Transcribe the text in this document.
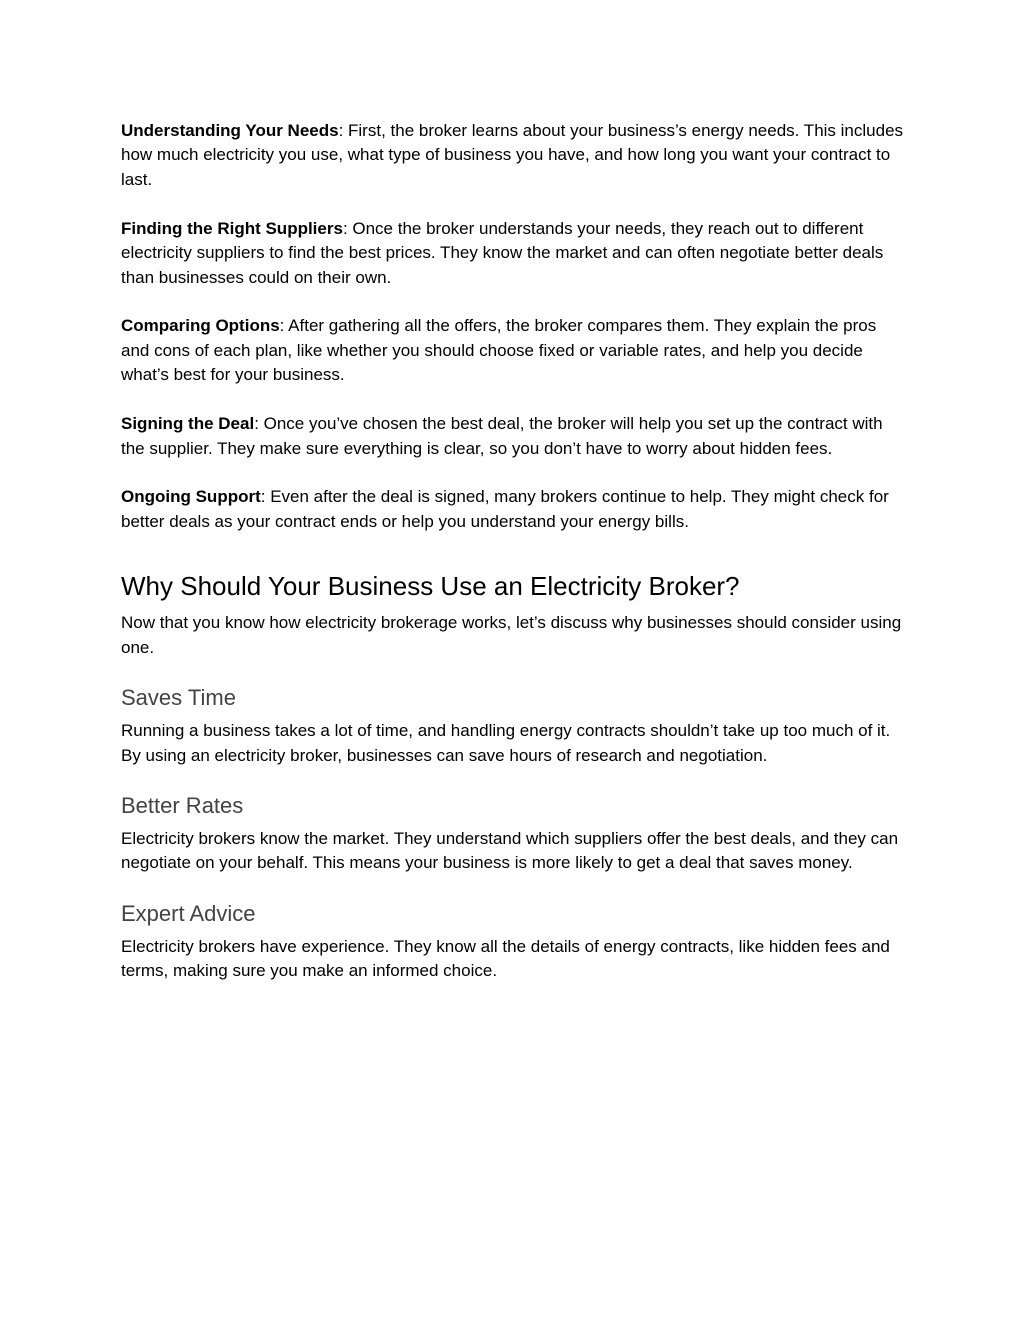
Understanding Your Needs: First, the broker learns about your business’s energy needs. This includes how much electricity you use, what type of business you have, and how long you want your contract to last.

Finding the Right Suppliers: Once the broker understands your needs, they reach out to different electricity suppliers to find the best prices. They know the market and can often negotiate better deals than businesses could on their own.

Comparing Options: After gathering all the offers, the broker compares them. They explain the pros and cons of each plan, like whether you should choose fixed or variable rates, and help you decide what’s best for your business.

Signing the Deal: Once you’ve chosen the best deal, the broker will help you set up the contract with the supplier. They make sure everything is clear, so you don’t have to worry about hidden fees.

Ongoing Support: Even after the deal is signed, many brokers continue to help. They might check for better deals as your contract ends or help you understand your energy bills.

Why Should Your Business Use an Electricity Broker?

Now that you know how electricity brokerage works, let’s discuss why businesses should consider using one.

Saves Time

Running a business takes a lot of time, and handling energy contracts shouldn’t take up too much of it. By using an electricity broker, businesses can save hours of research and negotiation.

Better Rates

Electricity brokers know the market. They understand which suppliers offer the best deals, and they can negotiate on your behalf. This means your business is more likely to get a deal that saves money.

Expert Advice

Electricity brokers have experience. They know all the details of energy contracts, like hidden fees and terms, making sure you make an informed choice.
